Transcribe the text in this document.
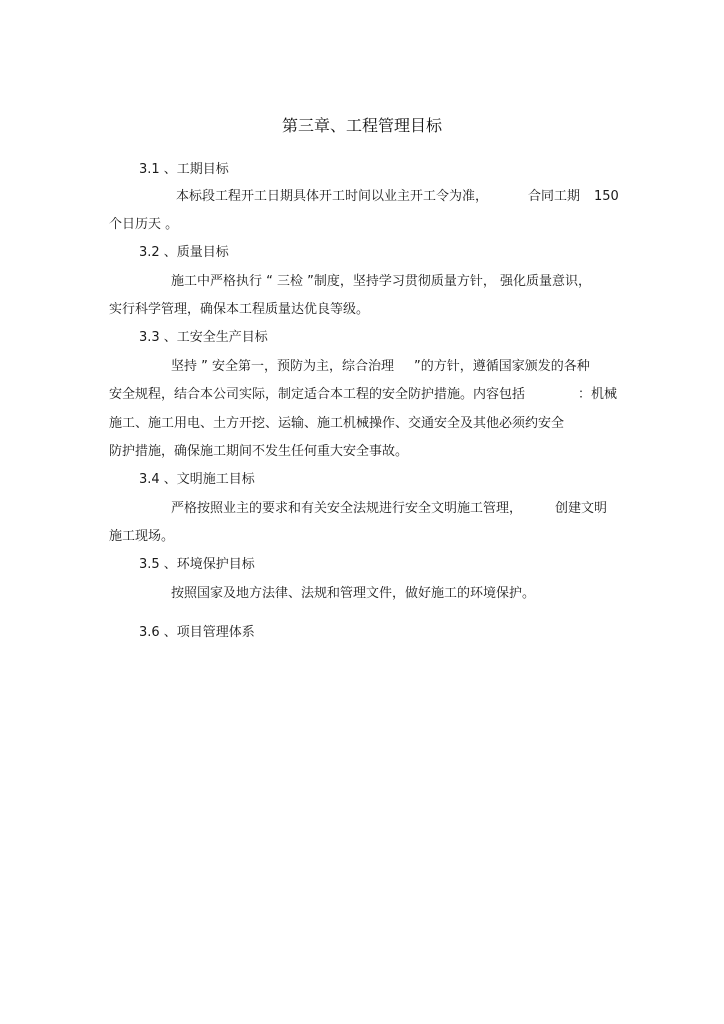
第三章、工程管理目标
3.1 、工期目标
本标段工程开工日期具体开工时间以业主开工令为准，	合同工期 150
个日历天 。
3.2 、质量目标
施工中严格执行 “ 三检 ”制度，坚持学习贯彻质量方针， 强化质量意识，
实行科学管理，确保本工程质量达优良等级。
3.3 、工安全生产目标
坚持 ” 安全第一，预防为主，综合治理 ”的方针，遵循国家颁发的各种
安全规程，结合本公司实际，制定适合本工程的安全防护措施。内容包括	：机械
施工、施工用电、土方开挖、运输、施工机械操作、交通安全及其他必须约安全
防护措施，确保施工期间不发生任何重大安全事故。
3.4 、文明施工目标
严格按照业主的要求和有关安全法规进行安全文明施工管理，	创建文明
施工现场。
3.5 、环境保护目标
按照国家及地方法律、法规和管理文件，做好施工的环境保护。
3.6 、项目管理体系
